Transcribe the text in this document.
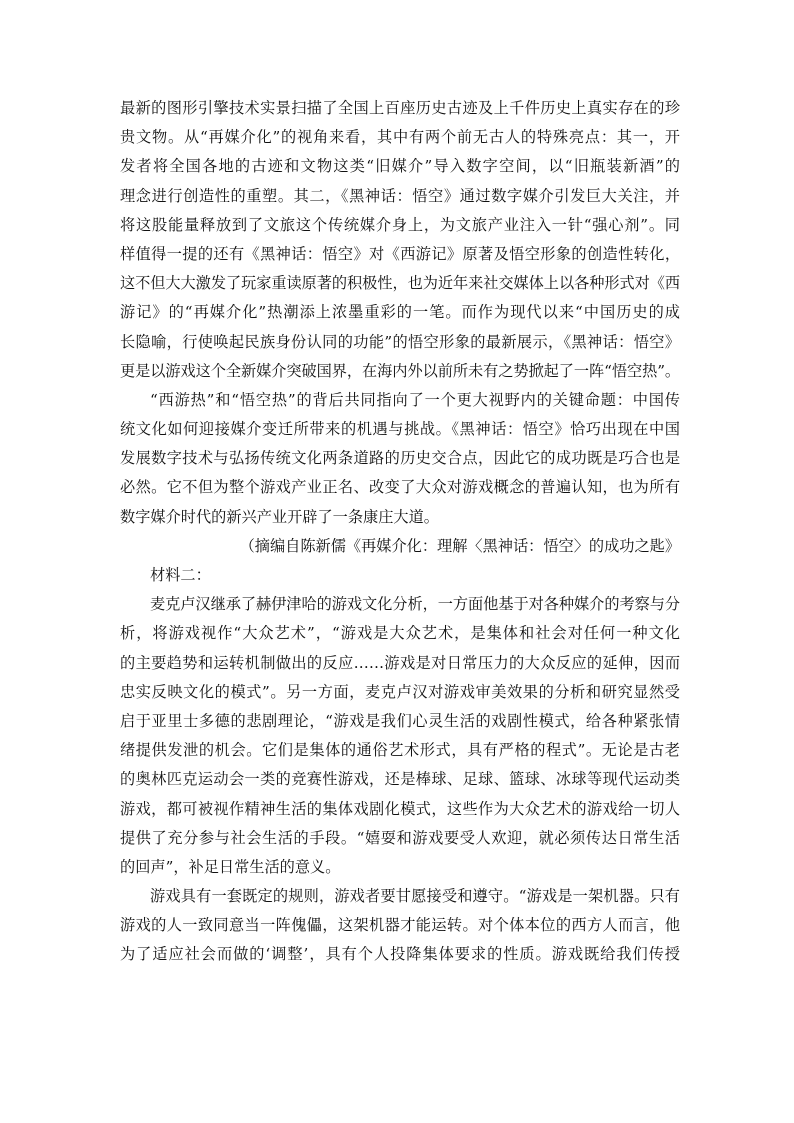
最新的图形引擎技术实景扫描了全国上百座历史古迹及上千件历史上真实存在的珍
贵文物。从“再媒介化”的视角来看，其中有两个前无古人的特殊亮点：其一，开
发者将全国各地的古迹和文物这类“旧媒介”导入数字空间，以“旧瓶装新酒”的
理念进行创造性的重塑。其二，《黑神话：悟空》通过数字媒介引发巨大关注，并
将这股能量释放到了文旅这个传统媒介身上，为文旅产业注入一针“强心剂”。同
样值得一提的还有《黑神话：悟空》对《西游记》原著及悟空形象的创造性转化，
这不但大大激发了玩家重读原著的积极性，也为近年来社交媒体上以各种形式对《西
游记》的“再媒介化”热潮添上浓墨重彩的一笔。而作为现代以来“中国历史的成
长隐喻，行使唤起民族身份认同的功能”的悟空形象的最新展示，《黑神话：悟空》
更是以游戏这个全新媒介突破国界，在海内外以前所未有之势掀起了一阵“悟空热”。
“西游热”和“悟空热”的背后共同指向了一个更大视野内的关键命题：中国传
统文化如何迎接媒介变迁所带来的机遇与挑战。《黑神话：悟空》恰巧出现在中国
发展数字技术与弘扬传统文化两条道路的历史交合点，因此它的成功既是巧合也是
必然。它不但为整个游戏产业正名、改变了大众对游戏概念的普遍认知，也为所有
数字媒介时代的新兴产业开辟了一条康庄大道。
（摘编自陈新儒《再媒介化：理解〈黑神话：悟空〉的成功之匙》
材料二：
麦克卢汉继承了赫伊津哈的游戏文化分析，一方面他基于对各种媒介的考察与分
析，将游戏视作“大众艺术”，“游戏是大众艺术，是集体和社会对任何一种文化
的主要趋势和运转机制做出的反应……游戏是对日常压力的大众反应的延伸，因而
忠实反映文化的模式”。另一方面，麦克卢汉对游戏审美效果的分析和研究显然受
启于亚里士多德的悲剧理论，“游戏是我们心灵生活的戏剧性模式，给各种紧张情
绪提供发泄的机会。它们是集体的通俗艺术形式，具有严格的程式”。无论是古老
的奥林匹克运动会一类的竞赛性游戏，还是棒球、足球、篮球、冰球等现代运动类
游戏，都可被视作精神生活的集体戏剧化模式，这些作为大众艺术的游戏给一切人
提供了充分参与社会生活的手段。“嬉耍和游戏要受人欢迎，就必须传达日常生活
的回声”，补足日常生活的意义。
游戏具有一套既定的规则，游戏者要甘愿接受和遵守。“游戏是一架机器。只有
游戏的人一致同意当一阵傀儡，这架机器才能运转。对个体本位的西方人而言，他
为了适应社会而做的‘调整’，具有个人投降集体要求的性质。游戏既给我们传授
